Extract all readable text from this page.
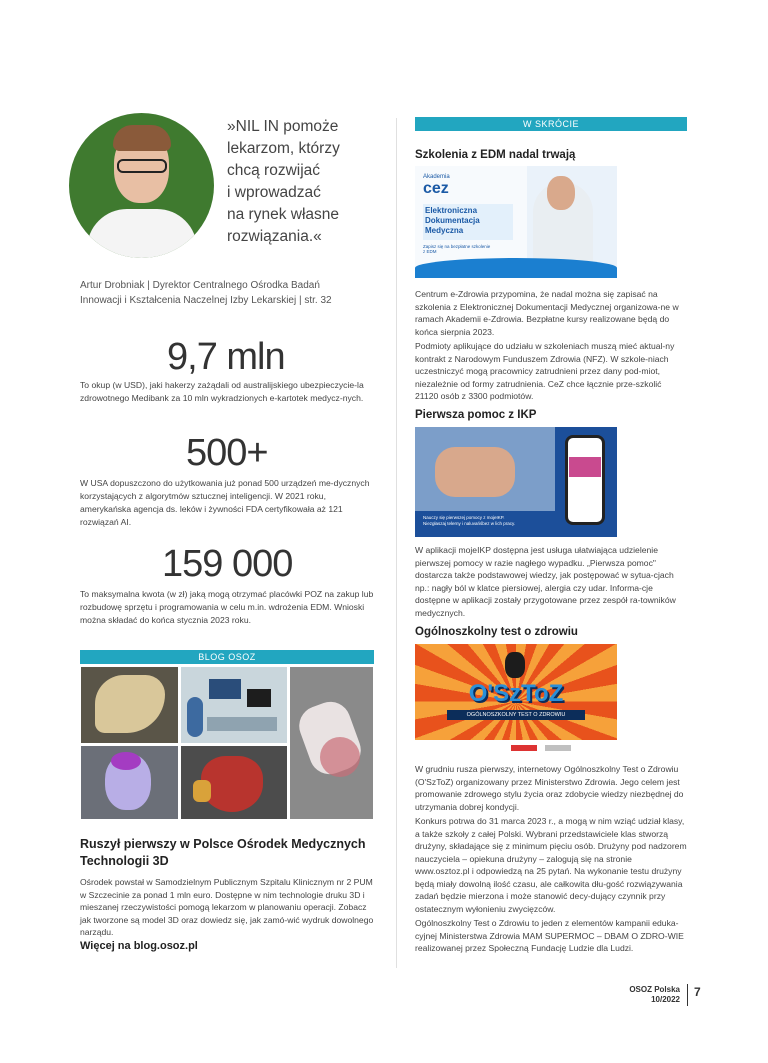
»NIL IN pomoże
lekarzom, którzy
chcą rozwijać
i wprowadzać
na rynek własne
rozwiązania.«
Artur Drobniak | Dyrektor Centralnego Ośrodka Badań
Innowacji i Kształcenia Naczelnej Izby Lekarskiej | str. 32
9,7 mln
To okup (w USD), jaki hakerzy zażądali od australijskiego ubezpieczycie-la zdrowotnego Medibank za 10 mln wykradzionych e-kartotek medycz-nych.
500+
W USA dopuszczono do użytkowania już ponad 500 urządzeń me-dycznych korzystających z algorytmów sztucznej inteligencji. W 2021 roku, amerykańska agencja ds. leków i żywności FDA certyfikowała aż 121 rozwiązań AI.
159 000
To maksymalna kwota (w zł) jaką mogą otrzymać placówki POZ na zakup lub rozbudowę sprzętu i programowania w celu m.in. wdrożenia EDM. Wnioski można składać do końca stycznia 2023 roku.
BLOG OSOZ
Ruszył pierwszy w Polsce Ośrodek Medycznych Technologii 3D
Ośrodek powstał w Samodzielnym Publicznym Szpitalu Klinicznym nr 2 PUM w Szczecinie za ponad 1 mln euro. Dostępne w nim technologie druku 3D i mieszanej rzeczywistości pomogą lekarzom w planowaniu operacji. Zobacz jak tworzone są model 3D oraz dowiedz się, jak zamó-wić wydruk dowolnego narządu.
Więcej na blog.osoz.pl
W SKRÓCIE
Szkolenia z EDM nadal trwają
Akademia
cez
Elektroniczna
Dokumentacja
Medyczna
Zapisz się na bezpłatne szkolenie z EDM

Centrum e-Zdrowia przypomina, że nadal można się zapisać na szkolenia z Elektronicznej Dokumentacji Medycznej organizowa-ne w ramach Akademii e-Zdrowia. Bezpłatne kursy realizowane będą do końca sierpnia 2023.

Podmioty aplikujące do udziału w szkoleniach muszą mieć aktual-ny kontrakt z Narodowym Funduszem Zdrowia (NFZ). W szkole-niach uczestniczyć mogą pracownicy zatrudnieni przez dany pod-miot, niezależnie od formy zatrudnienia. CeZ chce łącznie prze-szkolić 21120 osób z 3300 podmiotów.

Pierwsza pomoc z IKP
Nauczy się pierwszej pomocy z mojeIKP.
Niezgłaszaj telerny i naluvańśbez w lich pracy.

W aplikacji mojeIKP dostępna jest usługa ułatwiająca udzielenie pierwszej pomocy w razie nagłego wypadku. „Pierwsza pomoc" dostarcza także podstawowej wiedzy, jak postępować w sytua-cjach np.: nagły ból w klatce piersiowej, alergia czy udar. Informa-cje dostępne w aplikacji zostały przygotowane przez zespół ra-towników medycznych.

Ogólnoszkolny test o zdrowiu
O'SzToZ
OGÓLNOSZKOLNY TEST O ZDROWIU

W grudniu rusza pierwszy, internetowy Ogólnoszkolny Test o Zdrowiu (O'SzToZ) organizowany przez Ministerstwo Zdrowia. Jego celem jest promowanie zdrowego stylu życia oraz zdobycie wiedzy niezbędnej do utrzymania dobrej kondycji.

Konkurs potrwa do 31 marca 2023 r., a mogą w nim wziąć udział klasy, a także szkoły z całej Polski. Wybrani przedstawiciele klas stworzą drużyny, składające się z minimum pięciu osób. Drużyny pod nadzorem nauczyciela – opiekuna drużyny – zalogują się na stronie www.osztoz.pl i odpowiedzą na 25 pytań. Na wykonanie testu drużyny będą miały dowolną ilość czasu, ale całkowita dłu-gość rozwiązywania zadań będzie mierzona i może stanowić decy-dujący czynnik przy ostatecznym wyłonieniu zwycięzców.

Ogólnoszkolny Test o Zdrowiu to jeden z elementów kampanii eduka-cyjnej Ministerstwa Zdrowia MAM SUPERMOC – DBAM O ZDRO-WIE realizowanej przez Społeczną Fundację Ludzie dla Ludzi.

OSOZ Polska
10/2022
7
